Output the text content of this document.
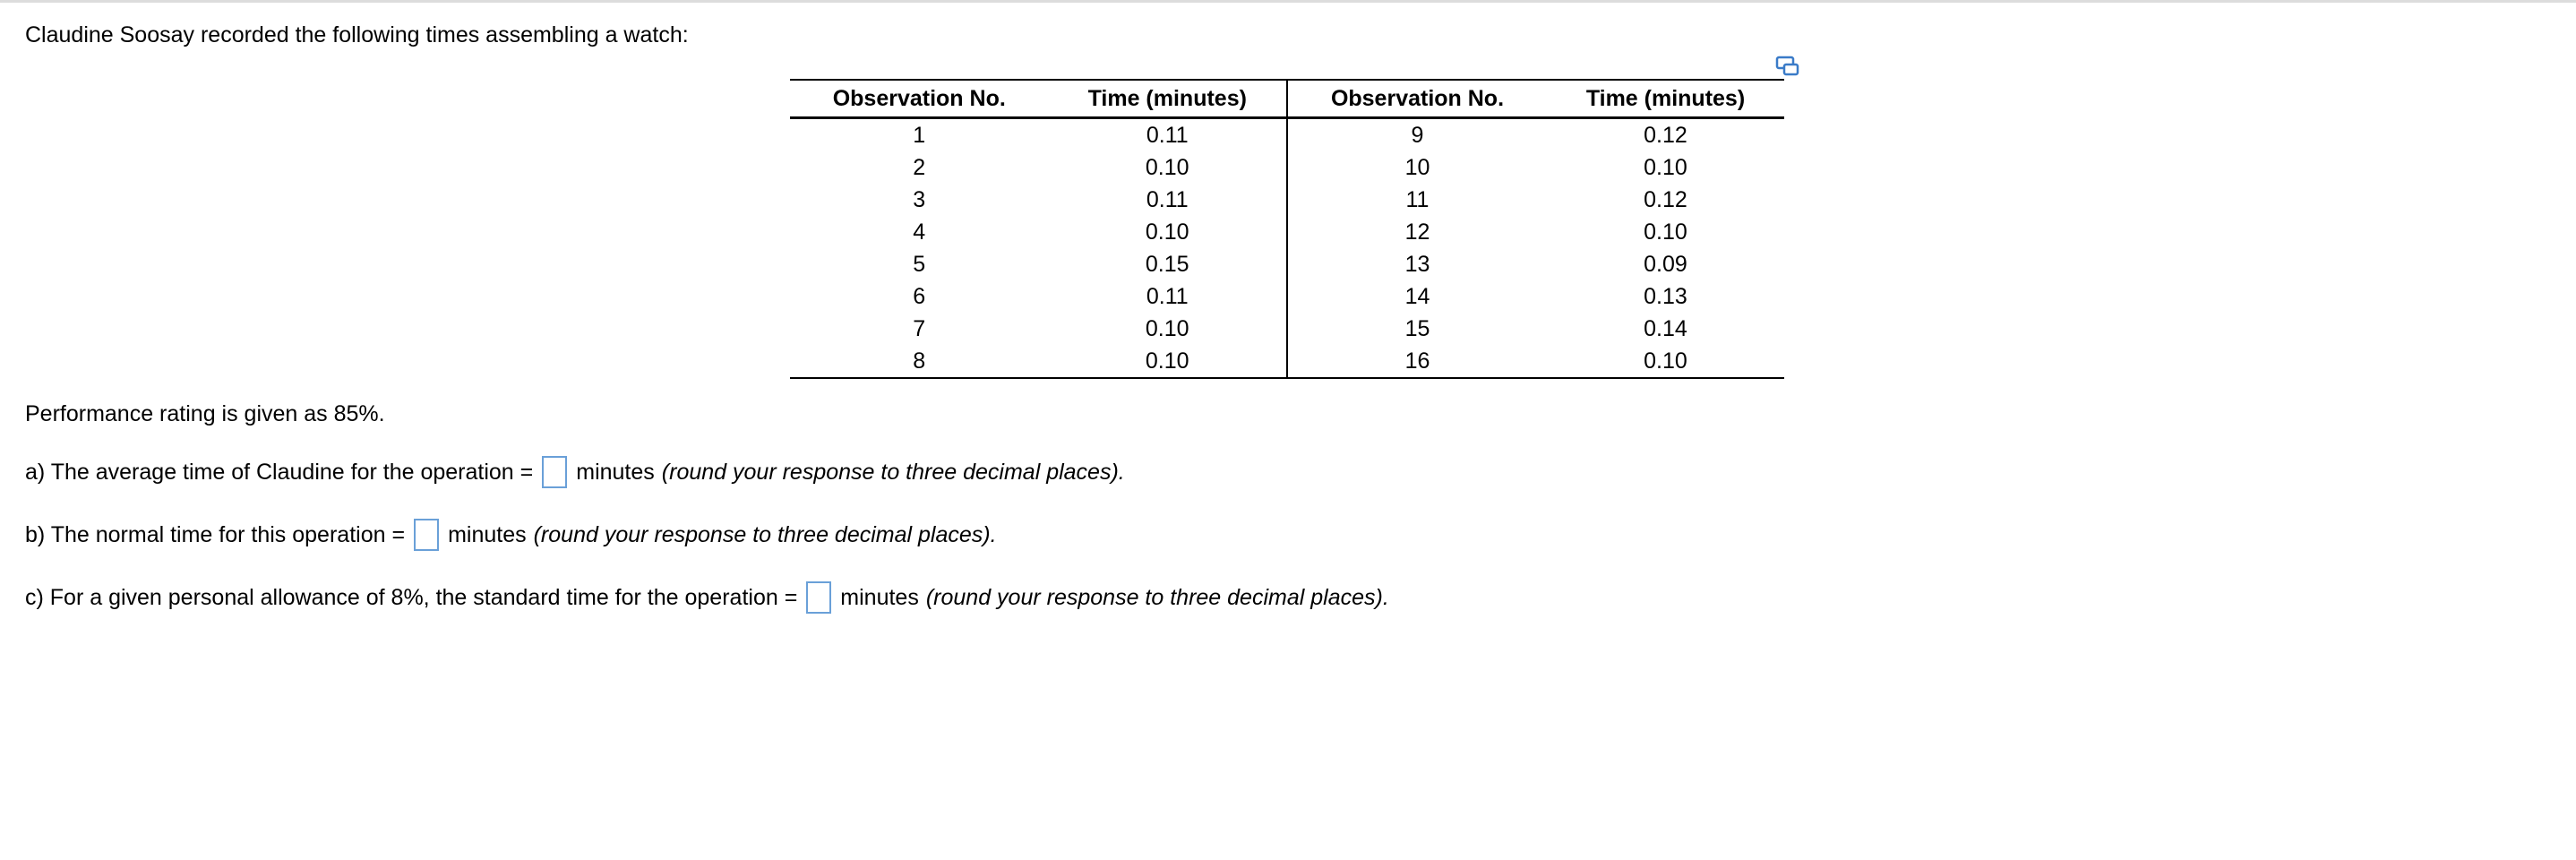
Claudine Soosay recorded the following times assembling a watch:
Observation No.	Time (minutes)	Observation No.	Time (minutes)
1	0.11	9	0.12
2	0.10	10	0.10
3	0.11	11	0.12
4	0.10	12	0.10
5	0.15	13	0.09
6	0.11	14	0.13
7	0.10	15	0.14
8	0.10	16	0.10
Performance rating is given as 85%.
a) The average time of Claudine for the operation = minutes (round your response to three decimal places).
b) The normal time for this operation = minutes (round your response to three decimal places).
c) For a given personal allowance of 8%, the standard time for the operation = minutes (round your response to three decimal places).
